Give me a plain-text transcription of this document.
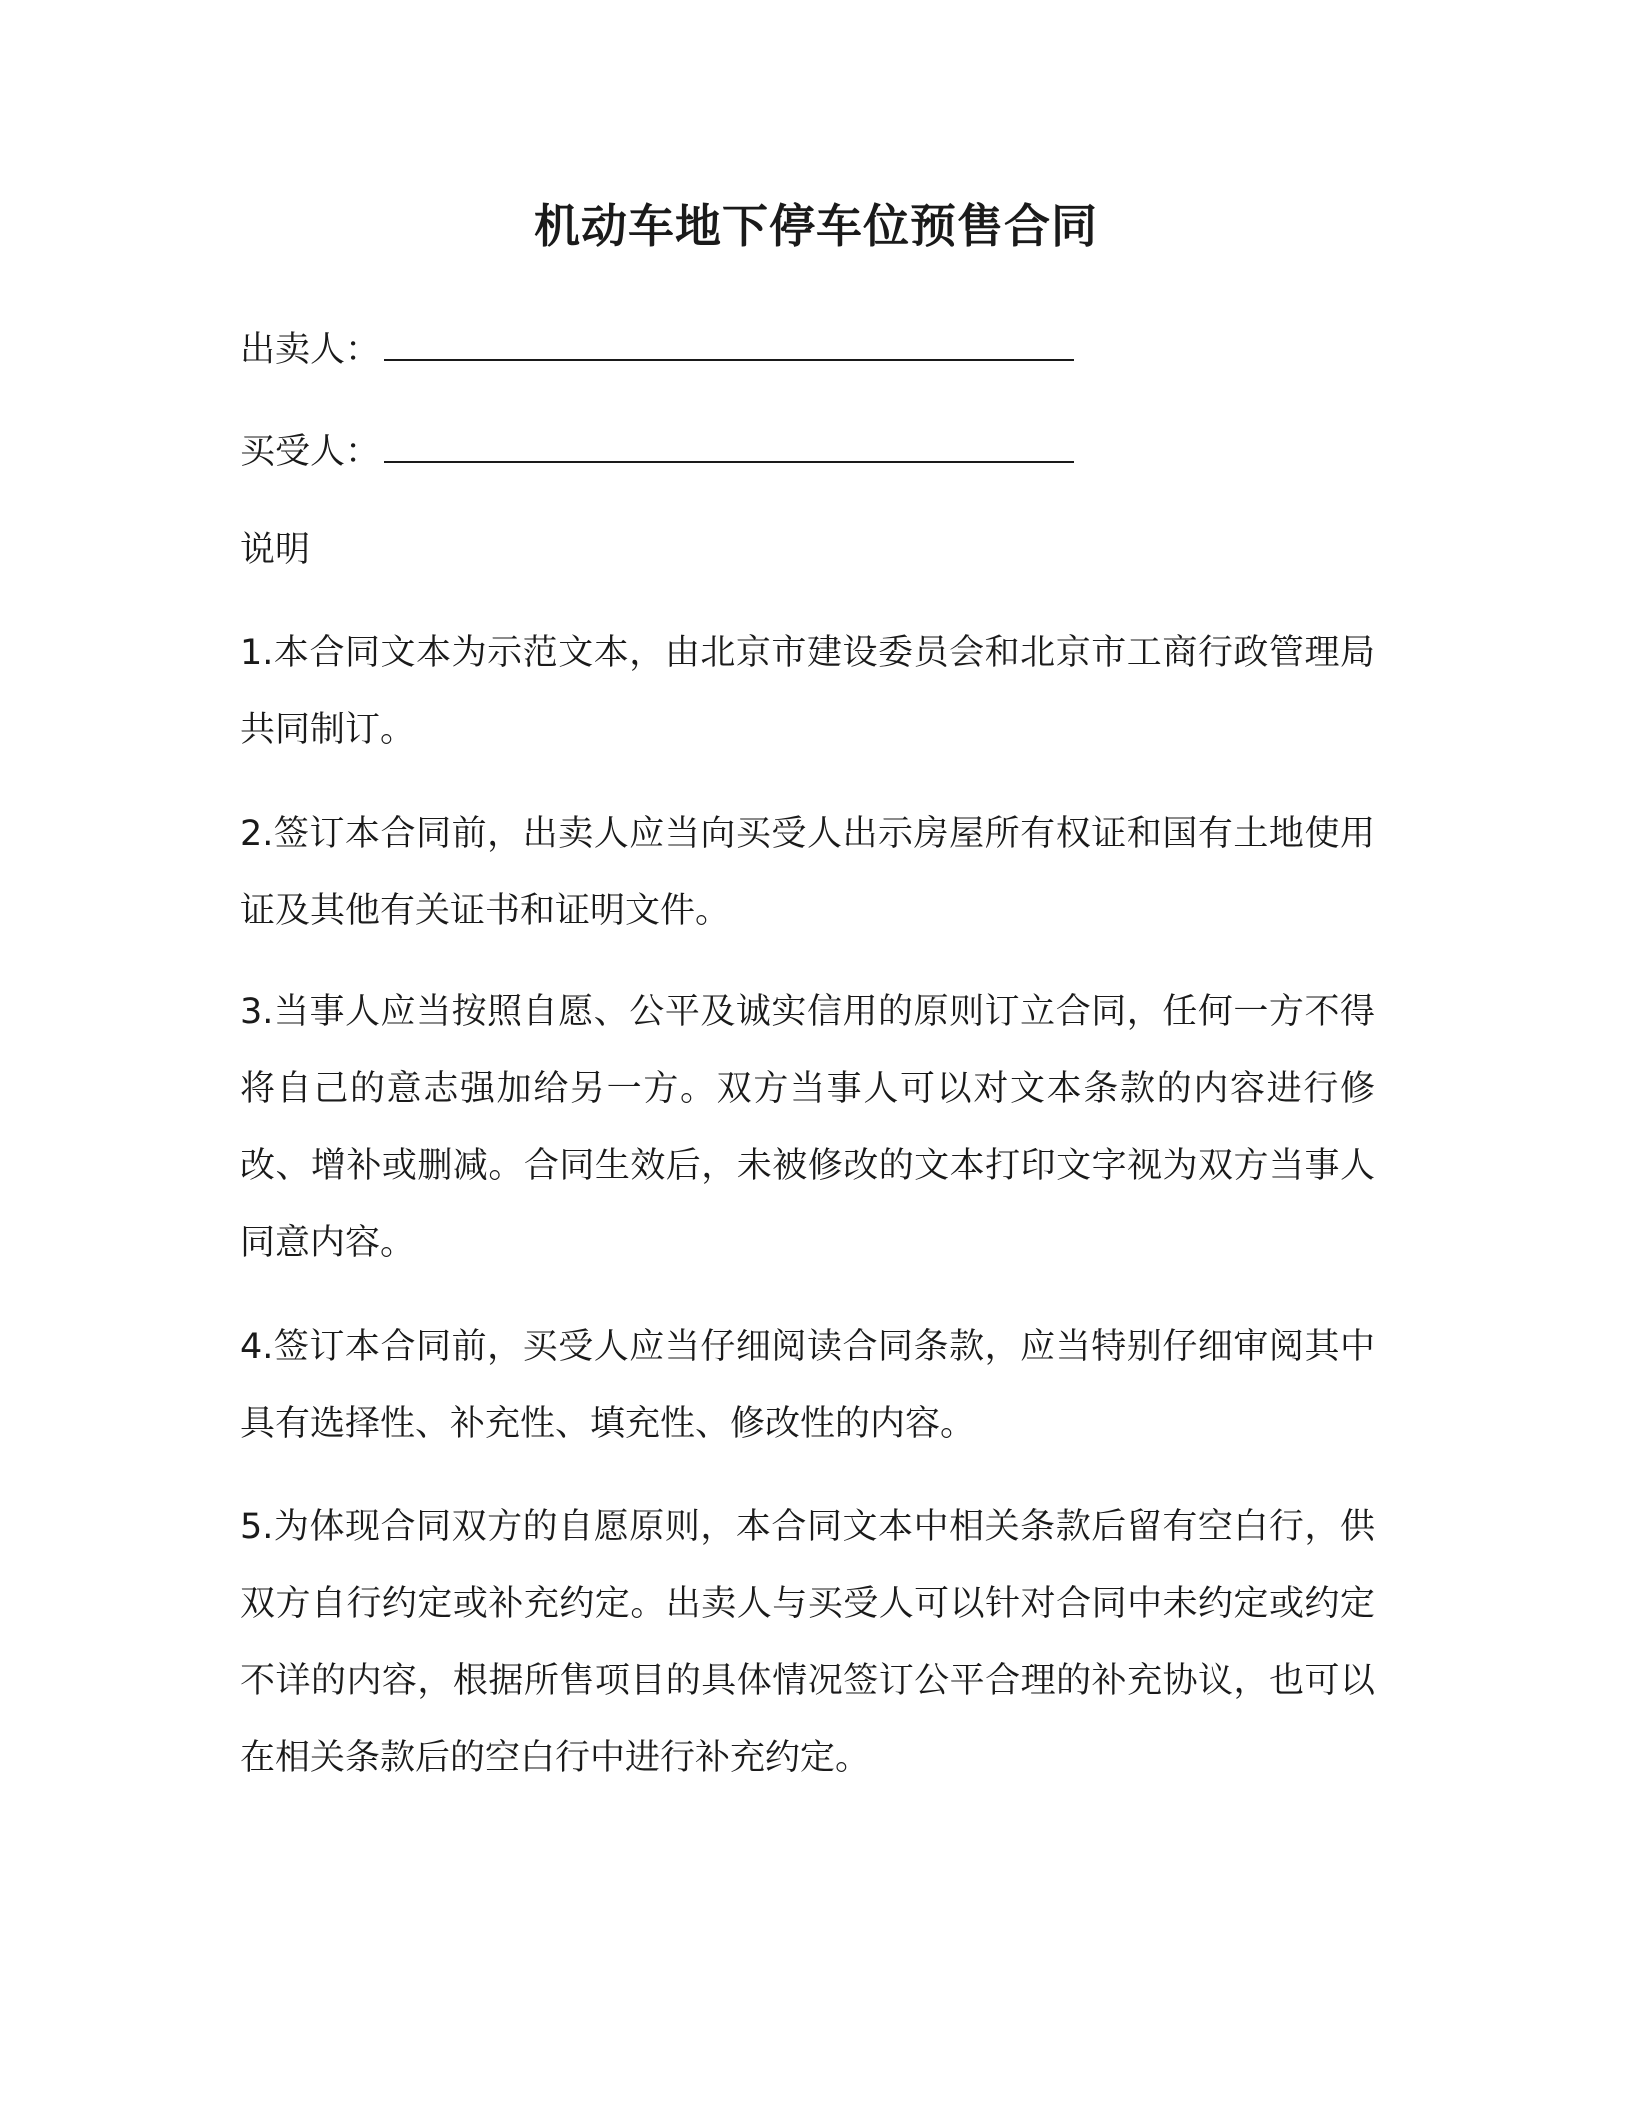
机动车地下停车位预售合同
出卖人：
买受人：
说明
1.本合同文本为示范文本，由北京市建设委员会和北京市工商行政管理局共同制订。
2.签订本合同前，出卖人应当向买受人出示房屋所有权证和国有土地使用证及其他有关证书和证明文件。
3.当事人应当按照自愿、公平及诚实信用的原则订立合同，任何一方不得将自己的意志强加给另一方。双方当事人可以对文本条款的内容进行修改、增补或删减。合同生效后，未被修改的文本打印文字视为双方当事人同意内容。
4.签订本合同前，买受人应当仔细阅读合同条款，应当特别仔细审阅其中具有选择性、补充性、填充性、修改性的内容。
5.为体现合同双方的自愿原则，本合同文本中相关条款后留有空白行，供双方自行约定或补充约定。出卖人与买受人可以针对合同中未约定或约定不详的内容，根据所售项目的具体情况签订公平合理的补充协议，也可以在相关条款后的空白行中进行补充约定。
